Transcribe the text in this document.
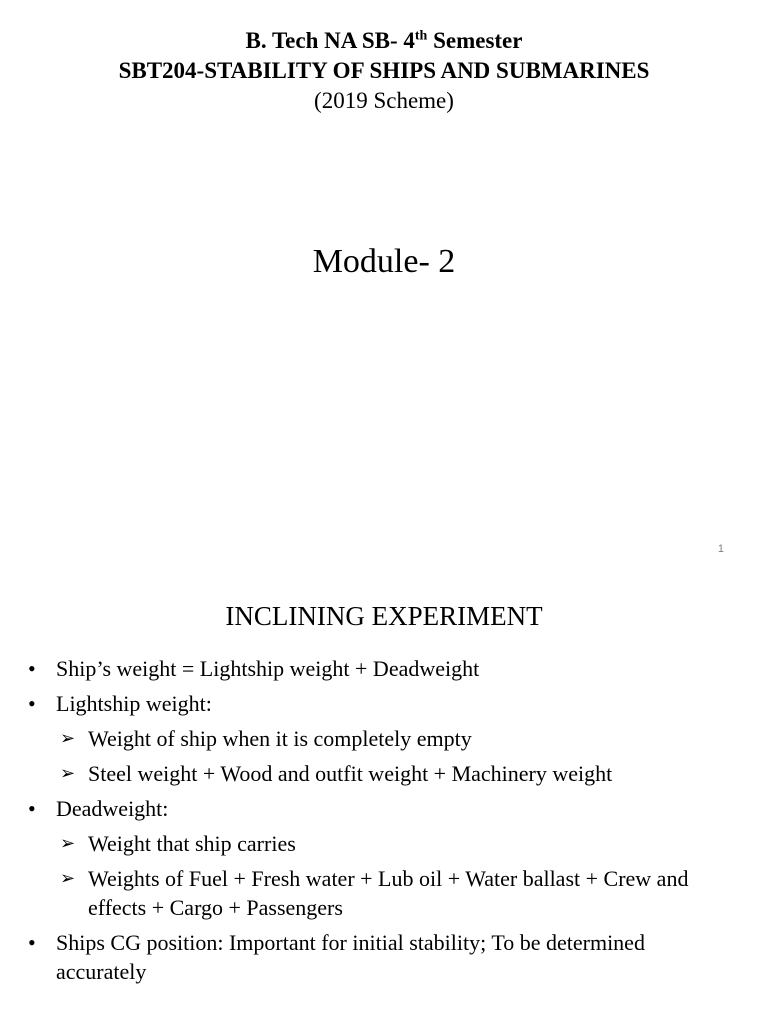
B. Tech NA SB- 4th Semester
SBT204-STABILITY OF SHIPS AND SUBMARINES
(2019 Scheme)
Module- 2
1
INCLINING EXPERIMENT
• Ship’s weight = Lightship weight + Deadweight
• Lightship weight:
➢ Weight of ship when it is completely empty
➢ Steel weight + Wood and outfit weight + Machinery weight
• Deadweight:
➢ Weight that ship carries
➢ Weights of Fuel + Fresh water + Lub oil + Water ballast + Crew and effects + Cargo + Passengers
• Ships CG position: Important for initial stability; To be determined accurately
